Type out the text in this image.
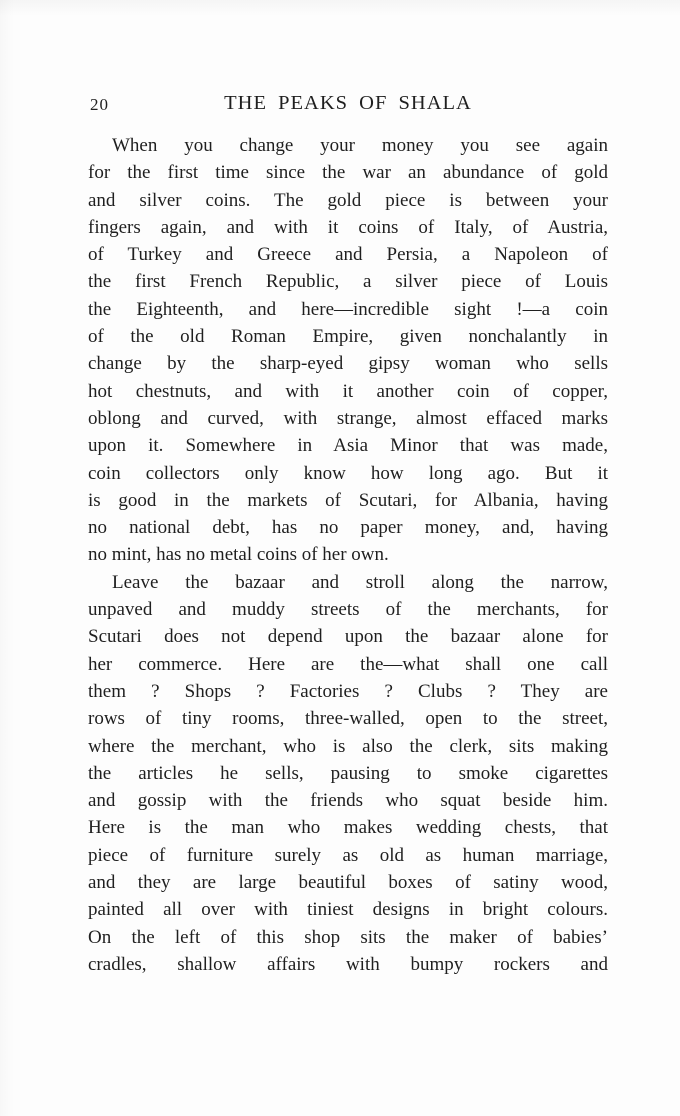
20	THE PEAKS OF SHALA
When you change your money you see again
for the first time since the war an abundance of gold
and silver coins. The gold piece is between your
fingers again, and with it coins of Italy, of Austria,
of Turkey and Greece and Persia, a Napoleon of
the first French Republic, a silver piece of Louis
the Eighteenth, and here—incredible sight !—a coin
of the old Roman Empire, given nonchalantly in
change by the sharp-eyed gipsy woman who sells
hot chestnuts, and with it another coin of copper,
oblong and curved, with strange, almost effaced marks
upon it. Somewhere in Asia Minor that was made,
coin collectors only know how long ago. But it
is good in the markets of Scutari, for Albania, having
no national debt, has no paper money, and, having
no mint, has no metal coins of her own.
Leave the bazaar and stroll along the narrow,
unpaved and muddy streets of the merchants, for
Scutari does not depend upon the bazaar alone for
her commerce. Here are the—what shall one call
them ? Shops ? Factories ? Clubs ? They are
rows of tiny rooms, three-walled, open to the street,
where the merchant, who is also the clerk, sits making
the articles he sells, pausing to smoke cigarettes
and gossip with the friends who squat beside him.
Here is the man who makes wedding chests, that
piece of furniture surely as old as human marriage,
and they are large beautiful boxes of satiny wood,
painted all over with tiniest designs in bright colours.
On the left of this shop sits the maker of babies’
cradles, shallow affairs with bumpy rockers and
